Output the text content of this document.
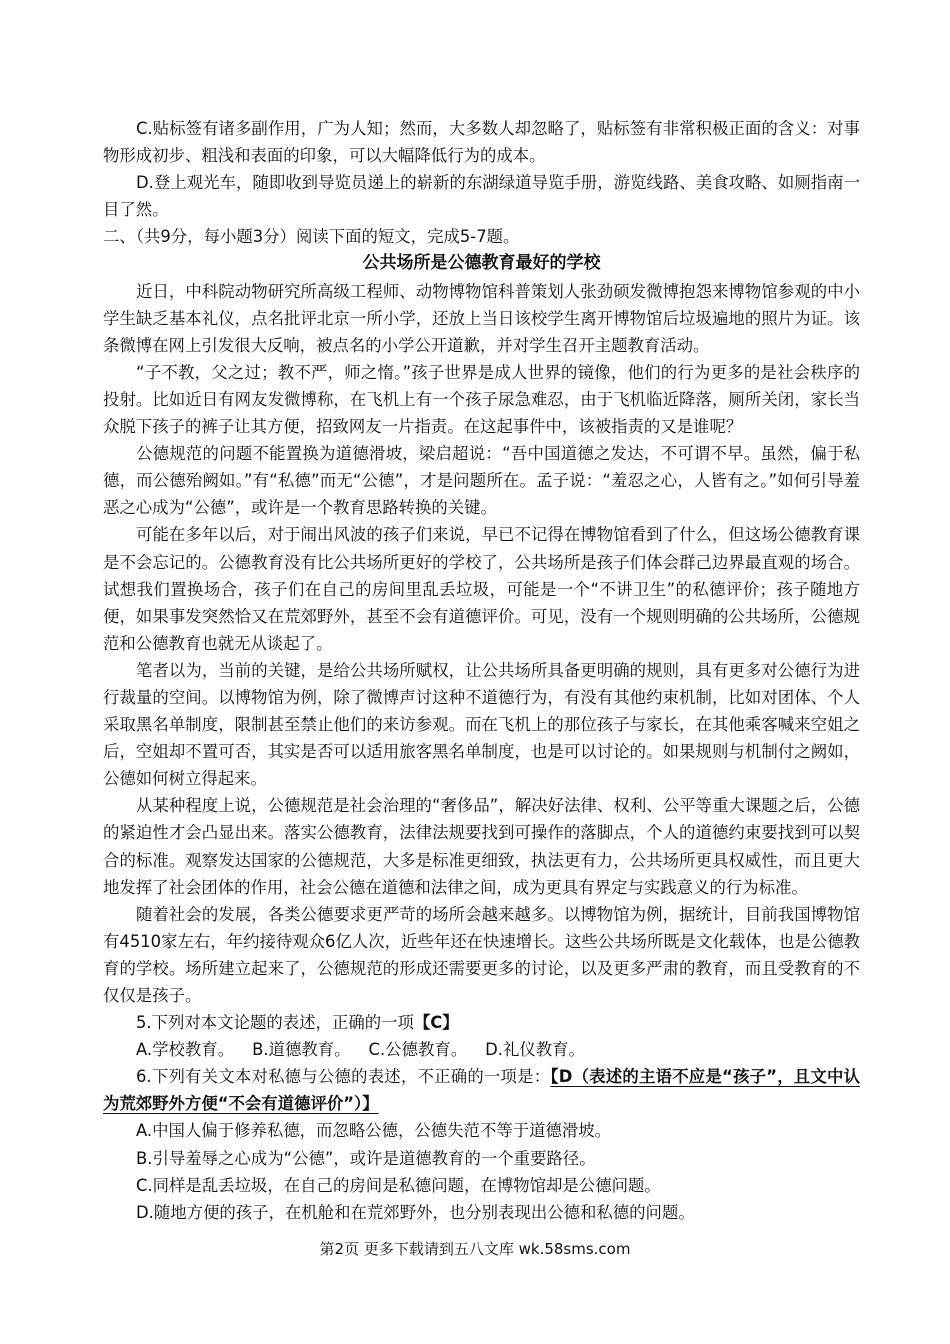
C.贴标签有诸多副作用，广为人知；然而，大多数人却忽略了，贴标签有非常积极正面的含义：对事物形成初步、粗浅和表面的印象，可以大幅降低行为的成本。

D.登上观光车，随即收到导览员递上的崭新的东湖绿道导览手册，游览线路、美食攻略、如厕指南一目了然。

二、（共9分，每小题3分）阅读下面的短文，完成5-7题。

公共场所是公德教育最好的学校

近日，中科院动物研究所高级工程师、动物博物馆科普策划人张劲硕发微博抱怨来博物馆参观的中小学生缺乏基本礼仪，点名批评北京一所小学，还放上当日该校学生离开博物馆后垃圾遍地的照片为证。该条微博在网上引发很大反响，被点名的小学公开道歉，并对学生召开主题教育活动。

“子不教，父之过；教不严，师之惰。”孩子世界是成人世界的镜像，他们的行为更多的是社会秩序的投射。比如近日有网友发微博称，在飞机上有一个孩子尿急难忍，由于飞机临近降落，厕所关闭，家长当众脱下孩子的裤子让其方便，招致网友一片指责。在这起事件中，该被指责的又是谁呢？

公德规范的问题不能置换为道德滑坡，梁启超说：“吾中国道德之发达，不可谓不早。虽然，偏于私德，而公德殆阙如。”有“私德”而无“公德”，才是问题所在。孟子说：“羞忍之心，人皆有之。”如何引导羞恶之心成为“公德”，或许是一个教育思路转换的关键。

可能在多年以后，对于闹出风波的孩子们来说，早已不记得在博物馆看到了什么，但这场公德教育课是不会忘记的。公德教育没有比公共场所更好的学校了，公共场所是孩子们体会群己边界最直观的场合。试想我们置换场合，孩子们在自己的房间里乱丢垃圾，可能是一个“不讲卫生”的私德评价；孩子随地方便，如果事发突然恰又在荒郊野外，甚至不会有道德评价。可见，没有一个规则明确的公共场所，公德规范和公德教育也就无从谈起了。

笔者以为，当前的关键，是给公共场所赋权，让公共场所具备更明确的规则，具有更多对公德行为进行裁量的空间。以博物馆为例，除了微博声讨这种不道德行为，有没有其他约束机制，比如对团体、个人采取黑名单制度，限制甚至禁止他们的来访参观。而在飞机上的那位孩子与家长，在其他乘客喊来空姐之后，空姐却不置可否，其实是否可以适用旅客黑名单制度，也是可以讨论的。如果规则与机制付之阙如，公德如何树立得起来。

从某种程度上说，公德规范是社会治理的“奢侈品”，解决好法律、权利、公平等重大课题之后，公德的紧迫性才会凸显出来。落实公德教育，法律法规要找到可操作的落脚点，个人的道德约束要找到可以契合的标准。观察发达国家的公德规范，大多是标准更细致，执法更有力，公共场所更具权威性，而且更大地发挥了社会团体的作用，社会公德在道德和法律之间，成为更具有界定与实践意义的行为标准。

随着社会的发展，各类公德要求更严苛的场所会越来越多。以博物馆为例，据统计，目前我国博物馆有4510家左右，年约接待观众6亿人次，近些年还在快速增长。这些公共场所既是文化载体，也是公德教育的学校。场所建立起来了，公德规范的形成还需要更多的讨论，以及更多严肃的教育，而且受教育的不仅仅是孩子。

5.下列对本文论题的表述，正确的一项【C】

A.学校教育。 B.道德教育。 C.公德教育。 D.礼仪教育。

6.下列有关文本对私德与公德的表述，不正确的一项是：【D（表述的主语不应是“孩子”，且文中认为荒郊野外方便“不会有道德评价”）】

A.中国人偏于修养私德，而忽略公德，公德失范不等于道德滑坡。

B.引导羞辱之心成为“公德”，或许是道德教育的一个重要路径。

C.同样是乱丢垃圾，在自己的房间是私德问题，在博物馆却是公德问题。

D.随地方便的孩子，在机舱和在荒郊野外，也分别表现出公德和私德的问题。

第2页 更多下载请到五八文库 wk.58sms.com
